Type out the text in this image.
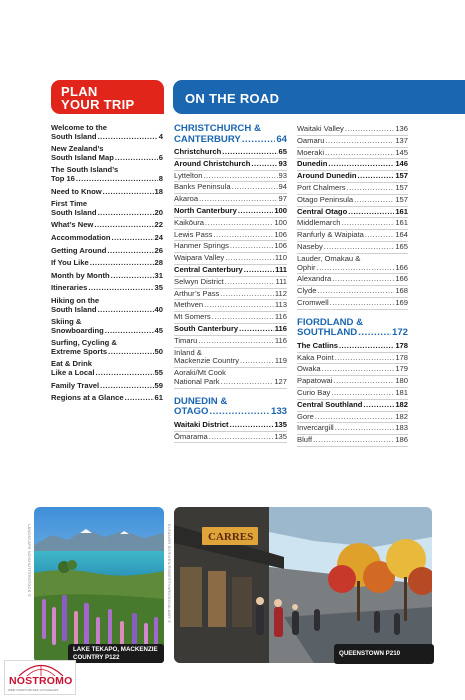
PLAN
YOUR TRIP	ON THE ROAD
Welcome to the
South Island .....	4
New Zealand’s
South Island Map .....	6
The South Island’s
Top 16 .....	8
Need to Know .....	18
First Time
South Island .....	20
What’s New .....	22
Accommodation .....	24
Getting Around .....	26
If You Like .....	28
Month by Month .....	31
Itineraries .....	35
Hiking on the
South Island .....	40
Skiing &
Snowboarding .....	45
Surfing, Cycling &
Extreme Sports .....	50
Eat & Drink
Like a Local .....	55
Family Travel .....	59
Regions at a Glance .....	61
CHRISTCHURCH &
CANTERBURY .....	64
Christchurch .....	65
Around Christchurch .....	93
Lyttelton .....	93
Banks Peninsula .....	94
Akaroa .....	97
North Canterbury .....	100
Kaikōura .....	100
Lewis Pass .....	106
Hanmer Springs .....	106
Waipara Valley .....	110
Central Canterbury .....	111
Selwyn District .....	111
Arthur’s Pass .....	112
Methven .....	113
Mt Somers .....	116
South Canterbury .....	116
Timaru .....	116
Inland &
Mackenzie Country .....	119
Aoraki/Mt Cook
National Park .....	127
DUNEDIN &
OTAGO .....	133
Waitaki District .....	135
Ōmarama .....	135
Waitaki Valley .....	136
Oamaru .....	137
Moeraki .....	145
Dunedin .....	146
Around Dunedin .....	157
Port Chalmers .....	157
Otago Peninsula .....	157
Central Otago .....	161
Middlemarch .....	161
Ranfurly & Waipiata .....	164
Naseby .....	165
Lauder, Omakau &
Ophir .....	166
Alexandra .....	166
Clyde .....	168
Cromwell .....	169
FIORDLAND &
SOUTHLAND .....	172
The Catlins .....	178
Kaka Point .....	178
Owaka .....	179
Papatowai .....	180
Curio Bay .....	181
Central Southland .....	182
Gore .....	182
Invercargill .....	183
Bluff .....	186
LANDSCAPE NZ/SHUTTERSTOCK ©
LAKE TEKAPO, MACKENZIE
COUNTRY P122
CARRES
ELEANOR SCRIVEN/ROBERTHARDING/ALAMY ©
QUEENSTOWN P210
NOSTROMO
WEB COMPTOIR DES VOYAGEURS
